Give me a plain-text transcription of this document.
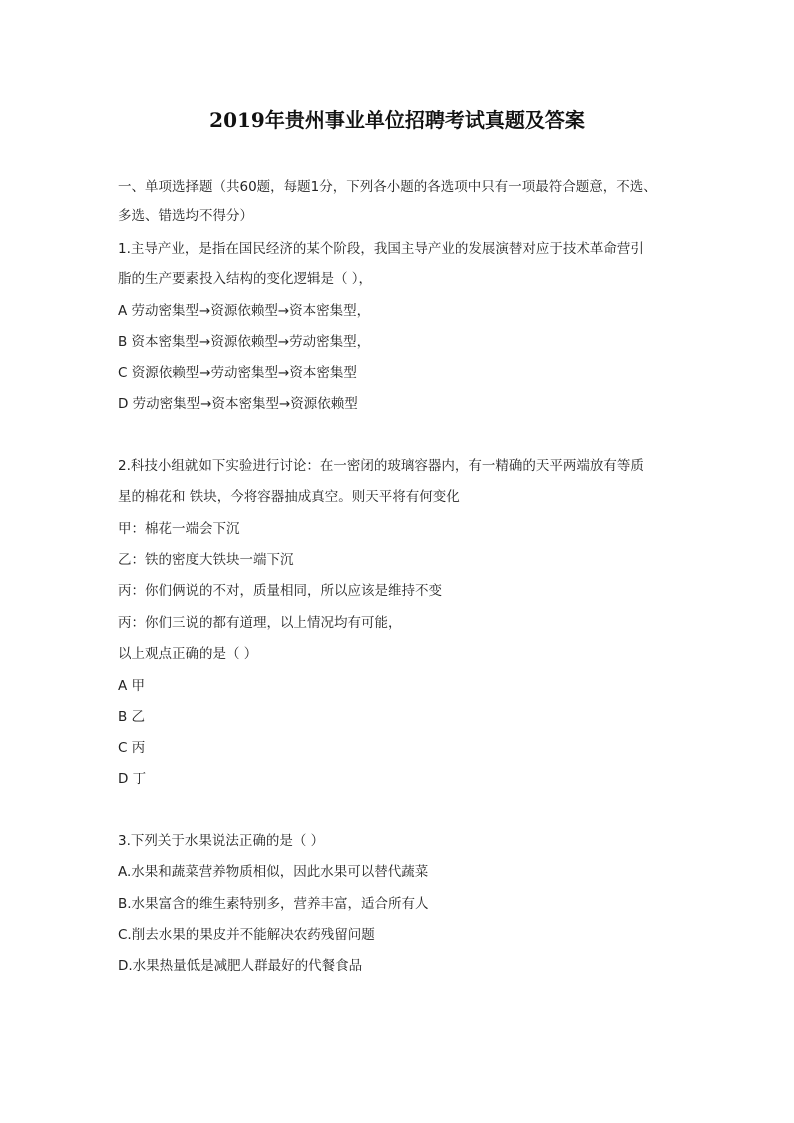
2019年贵州事业单位招聘考试真题及答案
一、单项选择题（共60题，每题1分，下列各小题的各选项中只有一项最符合题意，不选、
多选、错选均不得分）
1.主导产业，是指在国民经济的某个阶段，我国主导产业的发展演替对应于技术革命营引
脂的生产要素投入结构的变化逻辑是（ ），
A 劳动密集型→资源依赖型→资本密集型，
B 资本密集型→资源依赖型→劳动密集型，
C 资源依赖型→劳动密集型→资本密集型
D 劳动密集型→资本密集型→资源依赖型
2.科技小组就如下实验进行讨论：在一密闭的玻璃容器内，有一精确的天平两端放有等质
星的棉花和 铁块，今将容器抽成真空。则天平将有何变化
甲：棉花一端会下沉
乙：铁的密度大铁块一端下沉
丙：你们俩说的不对，质量相同，所以应该是维持不变
丙：你们三说的都有道理，以上情况均有可能，
以上观点正确的是（ ）
A 甲
B 乙
C 丙
D 丁
3.下列关于水果说法正确的是（ ）
A.水果和蔬菜营养物质相似，因此水果可以替代蔬菜
B.水果富含的维生素特别多，营养丰富，适合所有人
C.削去水果的果皮并不能解决农药残留问题
D.水果热量低是减肥人群最好的代餐食品
